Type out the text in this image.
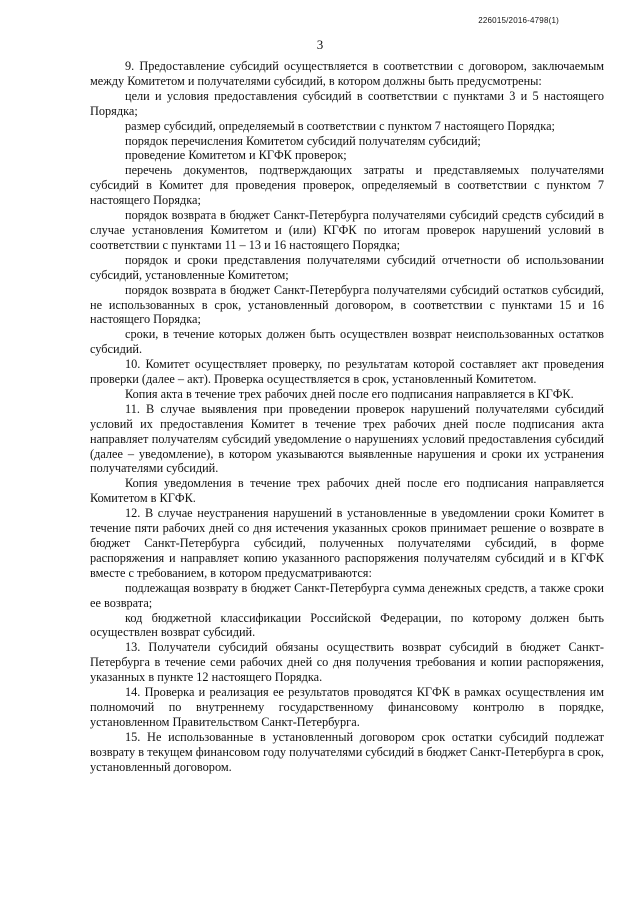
226015/2016-4798(1)
3

9. Предоставление субсидий осуществляется в соответствии с договором, заключаемым между Комитетом и получателями субсидий, в котором должны быть предусмотрены:

цели и условия предоставления субсидий в соответствии с пунктами 3 и 5 настоящего Порядка;

размер субсидий, определяемый в соответствии с пунктом 7 настоящего Порядка;

порядок перечисления Комитетом субсидий получателям субсидий;

проведение Комитетом и КГФК проверок;

перечень документов, подтверждающих затраты и представляемых получателями субсидий в Комитет для проведения проверок, определяемый в соответствии с пунктом 7 настоящего Порядка;

порядок возврата в бюджет Санкт-Петербурга получателями субсидий средств субсидий в случае установления Комитетом и (или) КГФК по итогам проверок нарушений условий в соответствии с пунктами 11 – 13 и 16 настоящего Порядка;

порядок и сроки представления получателями субсидий отчетности об использовании субсидий, установленные Комитетом;

порядок возврата в бюджет Санкт-Петербурга получателями субсидий остатков субсидий, не использованных в срок, установленный договором, в соответствии с пунктами 15 и 16 настоящего Порядка;

сроки, в течение которых должен быть осуществлен возврат неиспользованных остатков субсидий.

10. Комитет осуществляет проверку, по результатам которой составляет акт проведения проверки (далее – акт). Проверка осуществляется в срок, установленный Комитетом.

Копия акта в течение трех рабочих дней после его подписания направляется в КГФК.

11. В случае выявления при проведении проверок нарушений получателями субсидий условий их предоставления Комитет в течение трех рабочих дней после подписания акта направляет получателям субсидий уведомление о нарушениях условий предоставления субсидий (далее – уведомление), в котором указываются выявленные нарушения и сроки их устранения получателями субсидий.

Копия уведомления в течение трех рабочих дней после его подписания направляется Комитетом в КГФК.

12. В случае неустранения нарушений в установленные в уведомлении сроки Комитет в течение пяти рабочих дней со дня истечения указанных сроков принимает решение о возврате в бюджет Санкт-Петербурга субсидий, полученных получателями субсидий, в форме распоряжения и направляет копию указанного распоряжения получателям субсидий и в КГФК вместе с требованием, в котором предусматриваются:

подлежащая возврату в бюджет Санкт-Петербурга сумма денежных средств, а также сроки ее возврата;

код бюджетной классификации Российской Федерации, по которому должен быть осуществлен возврат субсидий.

13. Получатели субсидий обязаны осуществить возврат субсидий в бюджет Санкт-Петербурга в течение семи рабочих дней со дня получения требования и копии распоряжения, указанных в пункте 12 настоящего Порядка.

14. Проверка и реализация ее результатов проводятся КГФК в рамках осуществления им полномочий по внутреннему государственному финансовому контролю в порядке, установленном Правительством Санкт-Петербурга.

15. Не использованные в установленный договором срок остатки субсидий подлежат возврату в текущем финансовом году получателями субсидий в бюджет Санкт-Петербурга в срок, установленный договором.
